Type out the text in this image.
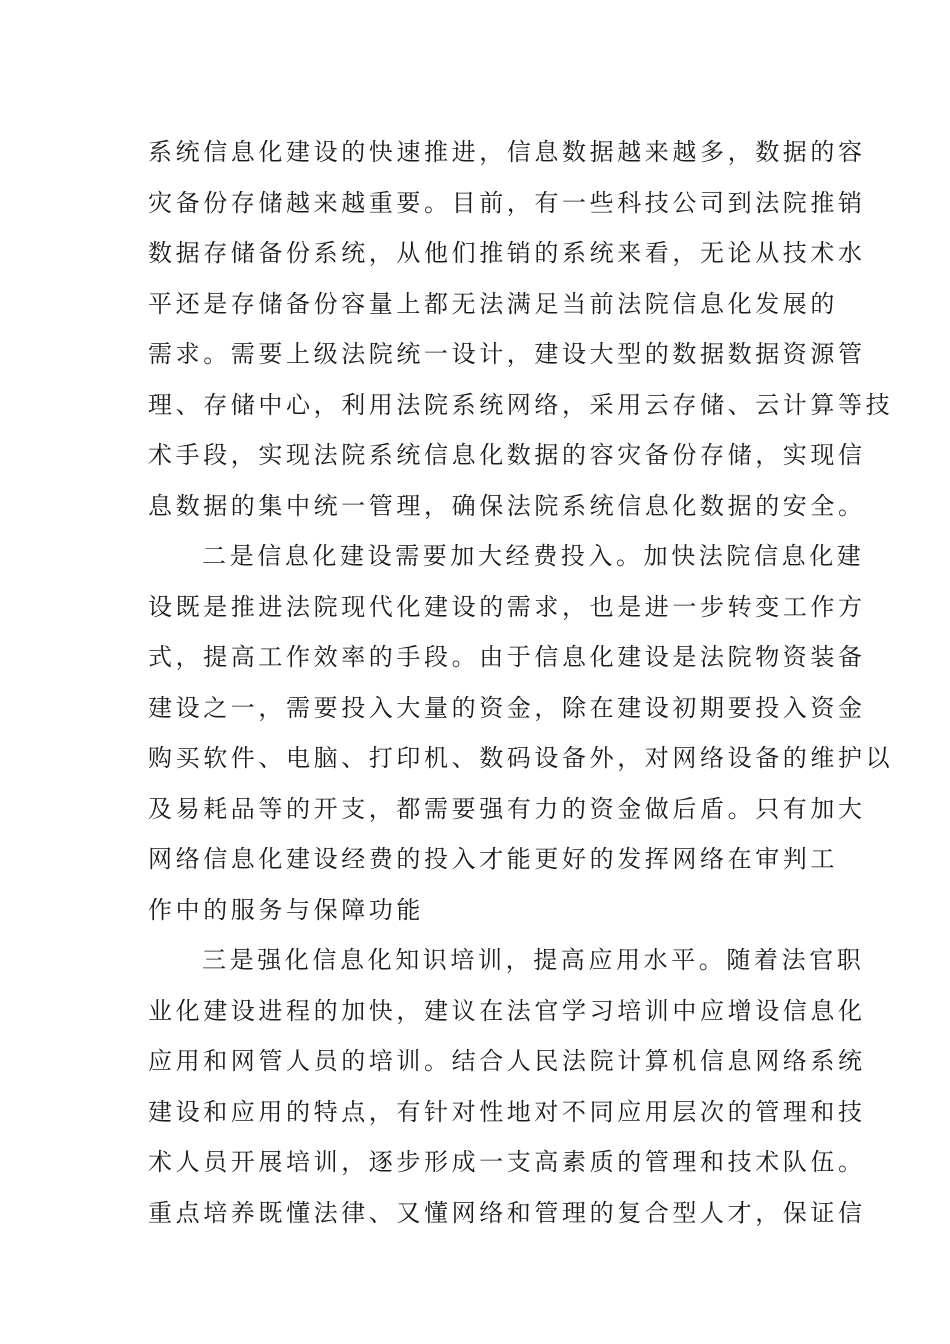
系统信息化建设的快速推进，信息数据越来越多，数据的容
灾备份存储越来越重要。目前，有一些科技公司到法院推销
数据存储备份系统，从他们推销的系统来看，无论从技术水
平还是存储备份容量上都无法满足当前法院信息化发展的
需求。需要上级法院统一设计，建设大型的数据数据资源管
理、存储中心，利用法院系统网络，采用云存储、云计算等技
术手段，实现法院系统信息化数据的容灾备份存储，实现信
息数据的集中统一管理，确保法院系统信息化数据的安全。
二是信息化建设需要加大经费投入。加快法院信息化建
设既是推进法院现代化建设的需求，也是进一步转变工作方
式，提高工作效率的手段。由于信息化建设是法院物资装备
建设之一，需要投入大量的资金，除在建设初期要投入资金
购买软件、电脑、打印机、数码设备外，对网络设备的维护以
及易耗品等的开支，都需要强有力的资金做后盾。只有加大
网络信息化建设经费的投入才能更好的发挥网络在审判工
作中的服务与保障功能
三是强化信息化知识培训，提高应用水平。随着法官职
业化建设进程的加快，建议在法官学习培训中应增设信息化
应用和网管人员的培训。结合人民法院计算机信息网络系统
建设和应用的特点，有针对性地对不同应用层次的管理和技
术人员开展培训，逐步形成一支高素质的管理和技术队伍。
重点培养既懂法律、又懂网络和管理的复合型人才，保证信
